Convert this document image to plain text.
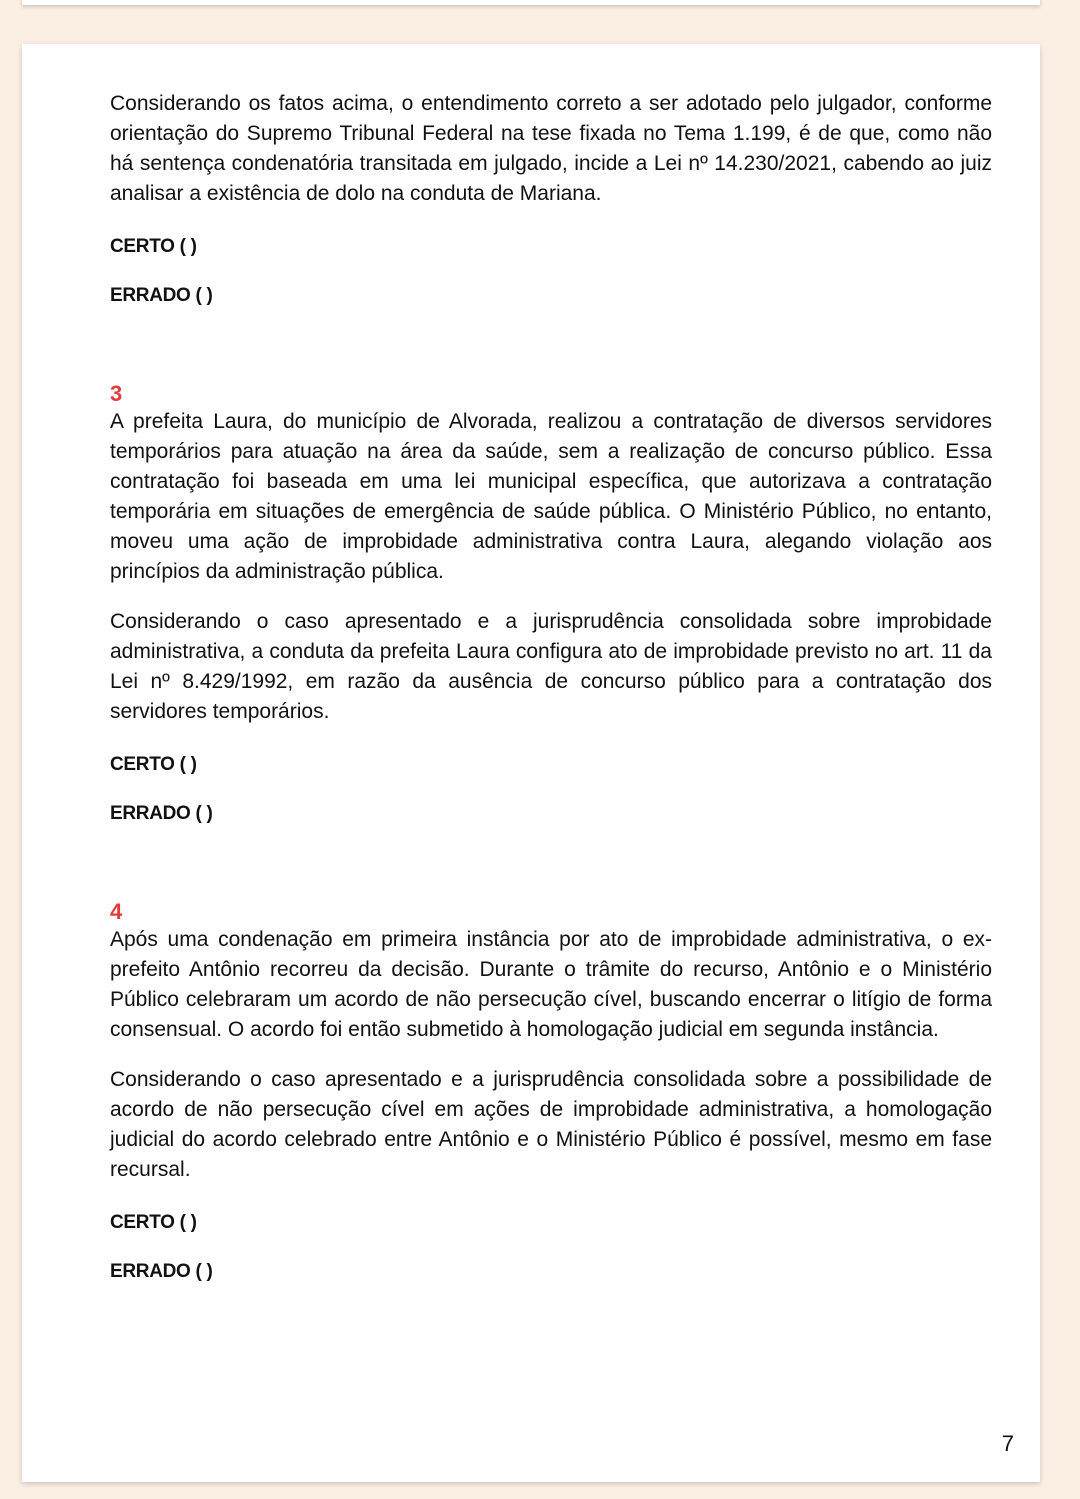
Considerando os fatos acima, o entendimento correto a ser adotado pelo julgador, conforme orientação do Supremo Tribunal Federal na tese fixada no Tema 1.199, é de que, como não há sentença condenatória transitada em julgado, incide a Lei nº 14.230/2021, cabendo ao juiz analisar a existência de dolo na conduta de Mariana.

CERTO ( )

ERRADO ( )

3

A prefeita Laura, do município de Alvorada, realizou a contratação de diversos servidores temporários para atuação na área da saúde, sem a realização de concurso público. Essa contratação foi baseada em uma lei municipal específica, que autorizava a contratação temporária em situações de emergência de saúde pública. O Ministério Público, no entanto, moveu uma ação de improbidade administrativa contra Laura, alegando violação aos princípios da administração pública.

Considerando o caso apresentado e a jurisprudência consolidada sobre improbidade administrativa, a conduta da prefeita Laura configura ato de improbidade previsto no art. 11 da Lei nº 8.429/1992, em razão da ausência de concurso público para a contratação dos servidores temporários.

CERTO ( )

ERRADO ( )

4

Após uma condenação em primeira instância por ato de improbidade administrativa, o ex-prefeito Antônio recorreu da decisão. Durante o trâmite do recurso, Antônio e o Ministério Público celebraram um acordo de não persecução cível, buscando encerrar o litígio de forma consensual. O acordo foi então submetido à homologação judicial em segunda instância.

Considerando o caso apresentado e a jurisprudência consolidada sobre a possibilidade de acordo de não persecução cível em ações de improbidade administrativa, a homologação judicial do acordo celebrado entre Antônio e o Ministério Público é possível, mesmo em fase recursal.

CERTO ( )

ERRADO ( )

7
